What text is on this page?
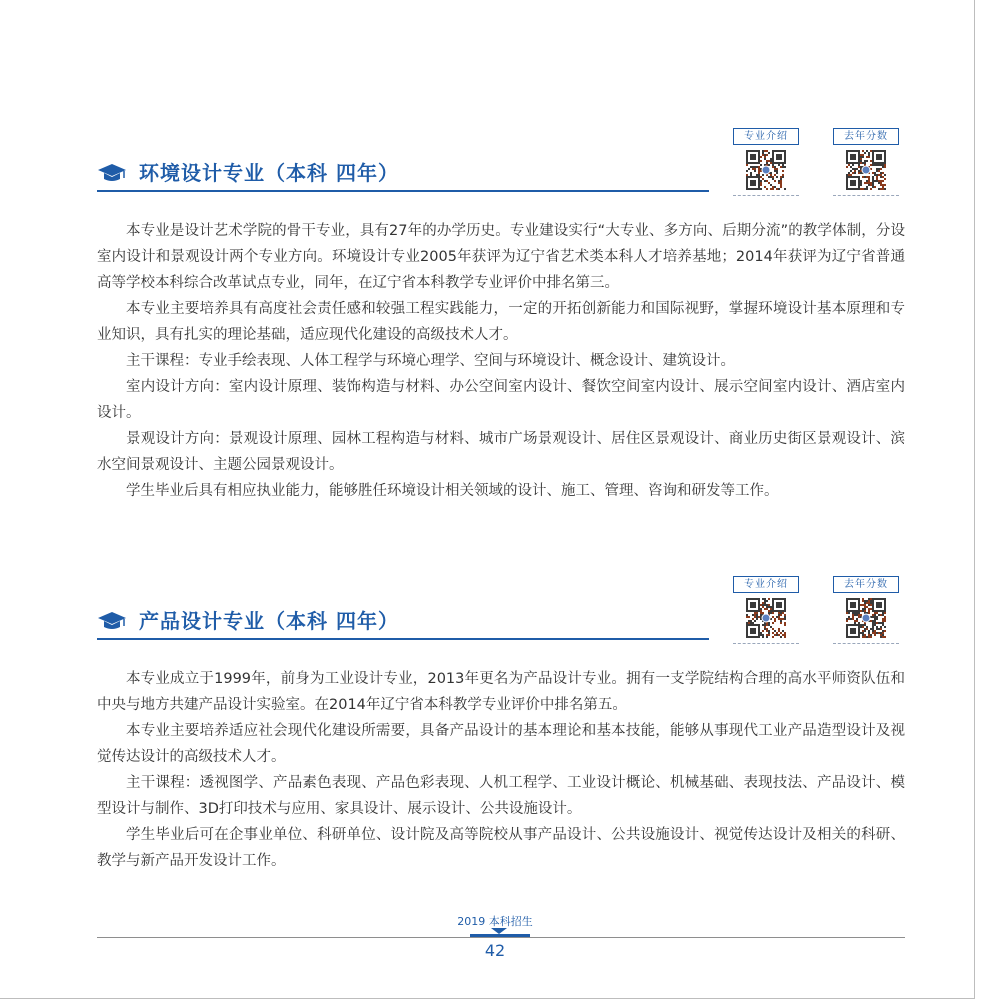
环境设计专业（本科 四年）
专业介绍	去年分数

本专业是设计艺术学院的骨干专业，具有27年的办学历史。专业建设实行“大专业、多方向、后期分流”的教学体制，分设室内设计和景观设计两个专业方向。环境设计专业2005年获评为辽宁省艺术类本科人才培养基地；2014年获评为辽宁省普通高等学校本科综合改革试点专业，同年，在辽宁省本科教学专业评价中排名第三。

本专业主要培养具有高度社会责任感和较强工程实践能力，一定的开拓创新能力和国际视野，掌握环境设计基本原理和专业知识，具有扎实的理论基础，适应现代化建设的高级技术人才。

主干课程：专业手绘表现、人体工程学与环境心理学、空间与环境设计、概念设计、建筑设计。

室内设计方向：室内设计原理、装饰构造与材料、办公空间室内设计、餐饮空间室内设计、展示空间室内设计、酒店室内设计。

景观设计方向：景观设计原理、园林工程构造与材料、城市广场景观设计、居住区景观设计、商业历史街区景观设计、滨水空间景观设计、主题公园景观设计。

学生毕业后具有相应执业能力，能够胜任环境设计相关领域的设计、施工、管理、咨询和研发等工作。

产品设计专业（本科 四年）
专业介绍	去年分数

本专业成立于1999年，前身为工业设计专业，2013年更名为产品设计专业。拥有一支学院结构合理的高水平师资队伍和中央与地方共建产品设计实验室。在2014年辽宁省本科教学专业评价中排名第五。

本专业主要培养适应社会现代化建设所需要，具备产品设计的基本理论和基本技能，能够从事现代工业产品造型设计及视觉传达设计的高级技术人才。

主干课程：透视图学、产品素色表现、产品色彩表现、人机工程学、工业设计概论、机械基础、表现技法、产品设计、模型设计与制作、3D打印技术与应用、家具设计、展示设计、公共设施设计。

学生毕业后可在企事业单位、科研单位、设计院及高等院校从事产品设计、公共设施设计、视觉传达设计及相关的科研、教学与新产品开发设计工作。

2019 本科招生
42
